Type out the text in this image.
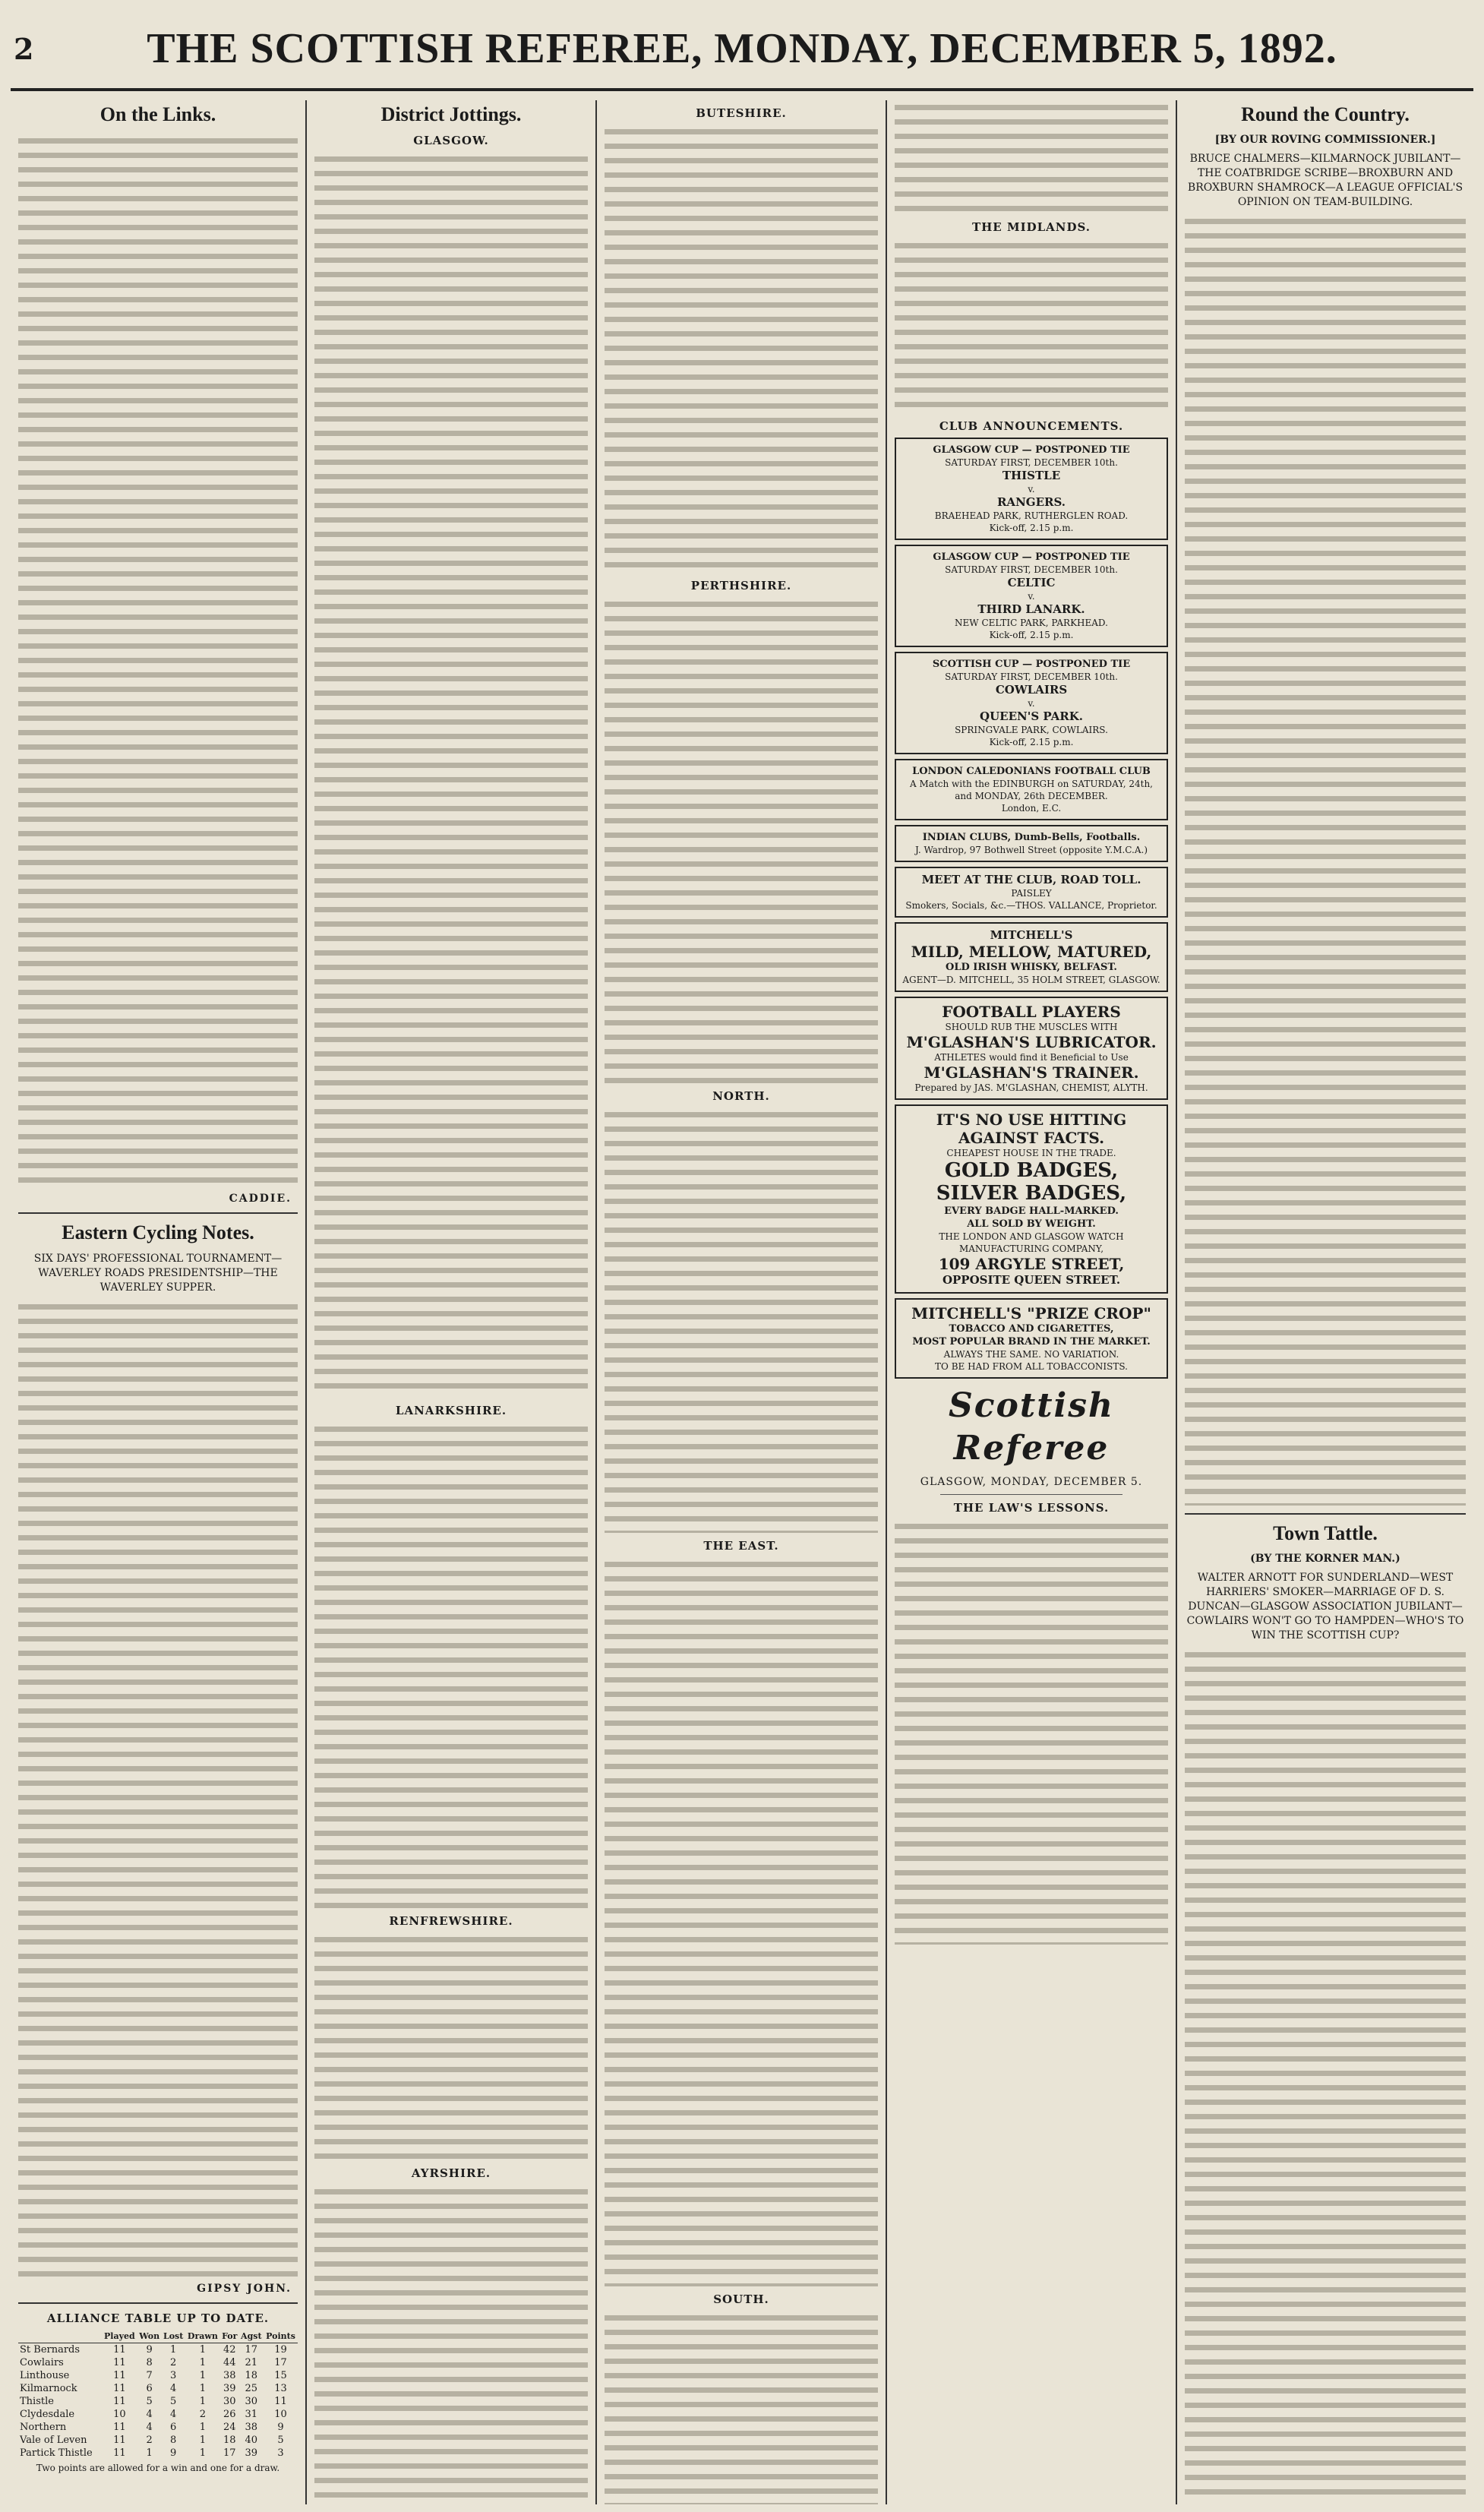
2	THE SCOTTISH REFEREE, MONDAY, DECEMBER 5, 1892.
On the Links.
CADDIE.
Eastern Cycling Notes.
SIX DAYS' PROFESSIONAL TOURNAMENT—WAVERLEY ROADS PRESIDENTSHIP—THE WAVERLEY SUPPER.
GIPSY JOHN.
ALLIANCE TABLE UP TO DATE.
	Played	Won	Lost	Drawn	For	Agst	Points
St Bernards	11	9	1	1	42	17	19
Cowlairs	11	8	2	1	44	21	17
Linthouse	11	7	3	1	38	18	15
Kilmarnock	11	6	4	1	39	25	13
Thistle	11	5	5	1	30	30	11
Clydesdale	10	4	4	2	26	31	10
Northern	11	4	6	1	24	38	9
Vale of Leven	11	2	8	1	18	40	5
Partick Thistle	11	1	9	1	17	39	3
Two points are allowed for a win and one for a draw.
District Jottings.
GLASGOW.
LANARKSHIRE.
RENFREWSHIRE.
AYRSHIRE.
BUTESHIRE.
PERTHSHIRE.
NORTH.
THE EAST.
SOUTH.
THE MIDLANDS.
CLUB ANNOUNCEMENTS.
GLASGOW CUP — POSTPONED TIE
SATURDAY FIRST, DECEMBER 10th.
THISTLE
v.
RANGERS.
BRAEHEAD PARK, RUTHERGLEN ROAD.
Kick-off, 2.15 p.m.
GLASGOW CUP — POSTPONED TIE
SATURDAY FIRST, DECEMBER 10th.
CELTIC
v.
THIRD LANARK.
NEW CELTIC PARK, PARKHEAD.
Kick-off, 2.15 p.m.
SCOTTISH CUP — POSTPONED TIE
SATURDAY FIRST, DECEMBER 10th.
COWLAIRS
v.
QUEEN'S PARK.
SPRINGVALE PARK, COWLAIRS.
Kick-off, 2.15 p.m.
LONDON CALEDONIANS FOOTBALL CLUB
A Match with the EDINBURGH on SATURDAY, 24th, and MONDAY, 26th DECEMBER.
London, E.C.
INDIAN CLUBS, Dumb-Bells, Footballs.
J. Wardrop, 97 Bothwell Street (opposite Y.M.C.A.)
MEET AT THE CLUB, ROAD TOLL.
PAISLEY
Smokers, Socials, &c.—THOS. VALLANCE, Proprietor.
MITCHELL'S
MILD, MELLOW, MATURED,
OLD IRISH WHISKY, BELFAST.
AGENT—D. MITCHELL, 35 HOLM STREET, GLASGOW.
FOOTBALL PLAYERS
SHOULD RUB THE MUSCLES WITH
M'GLASHAN'S LUBRICATOR.
ATHLETES would find it Beneficial to Use
M'GLASHAN'S TRAINER.
Prepared by JAS. M'GLASHAN, CHEMIST, ALYTH.
IT'S NO USE HITTING
AGAINST FACTS.
CHEAPEST HOUSE IN THE TRADE.
GOLD BADGES,
SILVER BADGES,
EVERY BADGE HALL-MARKED.
ALL SOLD BY WEIGHT.
THE LONDON AND GLASGOW WATCH MANUFACTURING COMPANY,
109 ARGYLE STREET,
OPPOSITE QUEEN STREET.
MITCHELL'S "PRIZE CROP"
TOBACCO AND CIGARETTES,
MOST POPULAR BRAND IN THE MARKET.
ALWAYS THE SAME. NO VARIATION.
TO BE HAD FROM ALL TOBACCONISTS.
Scottish Referee
GLASGOW, MONDAY, DECEMBER 5.
THE LAW'S LESSONS.
Round the Country.
[BY OUR ROVING COMMISSIONER.]
BRUCE CHALMERS—KILMARNOCK JUBILANT—THE COATBRIDGE SCRIBE—BROXBURN AND BROXBURN SHAMROCK—A LEAGUE OFFICIAL'S OPINION ON TEAM-BUILDING.
Town Tattle.
(BY THE KORNER MAN.)
WALTER ARNOTT FOR SUNDERLAND—WEST HARRIERS' SMOKER—MARRIAGE OF D. S. DUNCAN—GLASGOW ASSOCIATION JUBILANT—COWLAIRS WON'T GO TO HAMPDEN—WHO'S TO WIN THE SCOTTISH CUP?
